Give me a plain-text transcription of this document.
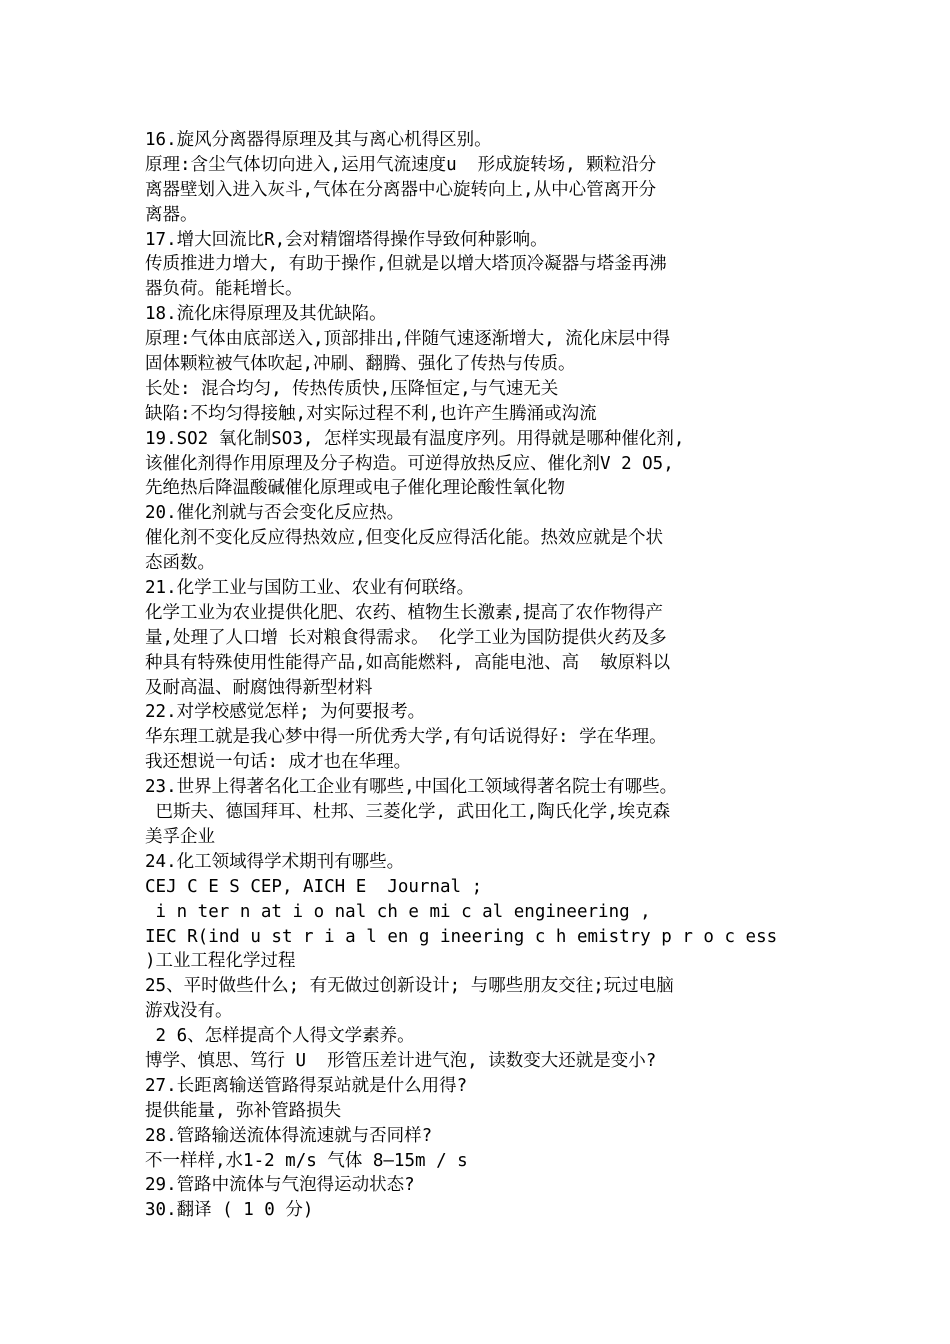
16.旋风分离器得原理及其与离心机得区别。
原理:含尘气体切向进入,运用气流速度u  形成旋转场, 颗粒沿分
离器壁划入进入灰斗,气体在分离器中心旋转向上,从中心管离开分
离器。
17.增大回流比R,会对精馏塔得操作导致何种影响。
传质推进力增大, 有助于操作,但就是以增大塔顶冷凝器与塔釜再沸
器负荷。能耗增长。
18.流化床得原理及其优缺陷。
原理:气体由底部送入,顶部排出,伴随气速逐渐增大, 流化床层中得
固体颗粒被气体吹起,冲刷、翻腾、强化了传热与传质。
长处: 混合均匀, 传热传质快,压降恒定,与气速无关
缺陷:不均匀得接触,对实际过程不利,也许产生腾涌或沟流
19.SO2 氧化制SO3, 怎样实现最有温度序列。用得就是哪种催化剂,
该催化剂得作用原理及分子构造。可逆得放热反应、催化剂V 2 O5,
先绝热后降温酸碱催化原理或电子催化理论酸性氧化物
20.催化剂就与否会变化反应热。
催化剂不变化反应得热效应,但变化反应得活化能。热效应就是个状
态函数。
21.化学工业与国防工业、农业有何联络。
化学工业为农业提供化肥、农药、植物生长激素,提高了农作物得产
量,处理了人口增 长对粮食得需求。 化学工业为国防提供火药及多
种具有特殊使用性能得产品,如高能燃料, 高能电池、高  敏原料以
及耐高温、耐腐蚀得新型材料
22.对学校感觉怎样; 为何要报考。
华东理工就是我心梦中得一所优秀大学,有句话说得好: 学在华理。
我还想说一句话: 成才也在华理。
23.世界上得著名化工企业有哪些,中国化工领域得著名院士有哪些。
巴斯夫、德国拜耳、杜邦、三菱化学, 武田化工,陶氏化学,埃克森
美孚企业
24.化工领域得学术期刊有哪些。
CEJ C E S CEP, AICH E  Journal ;
i n ter n at i o nal ch e mi c al engineering ,
IEC R(ind u st r i a l en g ineering c h emistry p r o c ess
)工业工程化学过程
25、平时做些什么; 有无做过创新设计; 与哪些朋友交往;玩过电脑
游戏没有。
2 6、怎样提高个人得文学素养。
博学、慎思、笃行 U  形管压差计进气泡, 读数变大还就是变小?
27.长距离输送管路得泵站就是什么用得?
提供能量, 弥补管路损失
28.管路输送流体得流速就与否同样?
不一样样,水1-2 m/s 气体 8—15m / s
29.管路中流体与气泡得运动状态?
30.翻译 ( 1 0 分)
